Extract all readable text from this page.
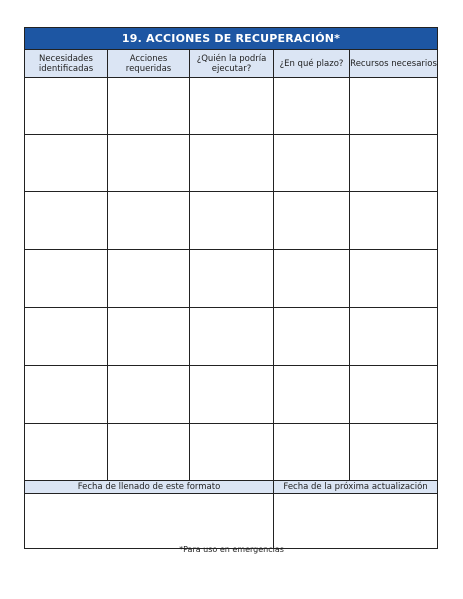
19. ACCIONES DE RECUPERACIÓN*				
Necesidades identificadas	Acciones requeridas	¿Quién la podría ejecutar?	¿En qué plazo?	Recursos necesarios

Fecha de llenado de este formato			Fecha de la próxima actualización	

*Para uso en emergencias
